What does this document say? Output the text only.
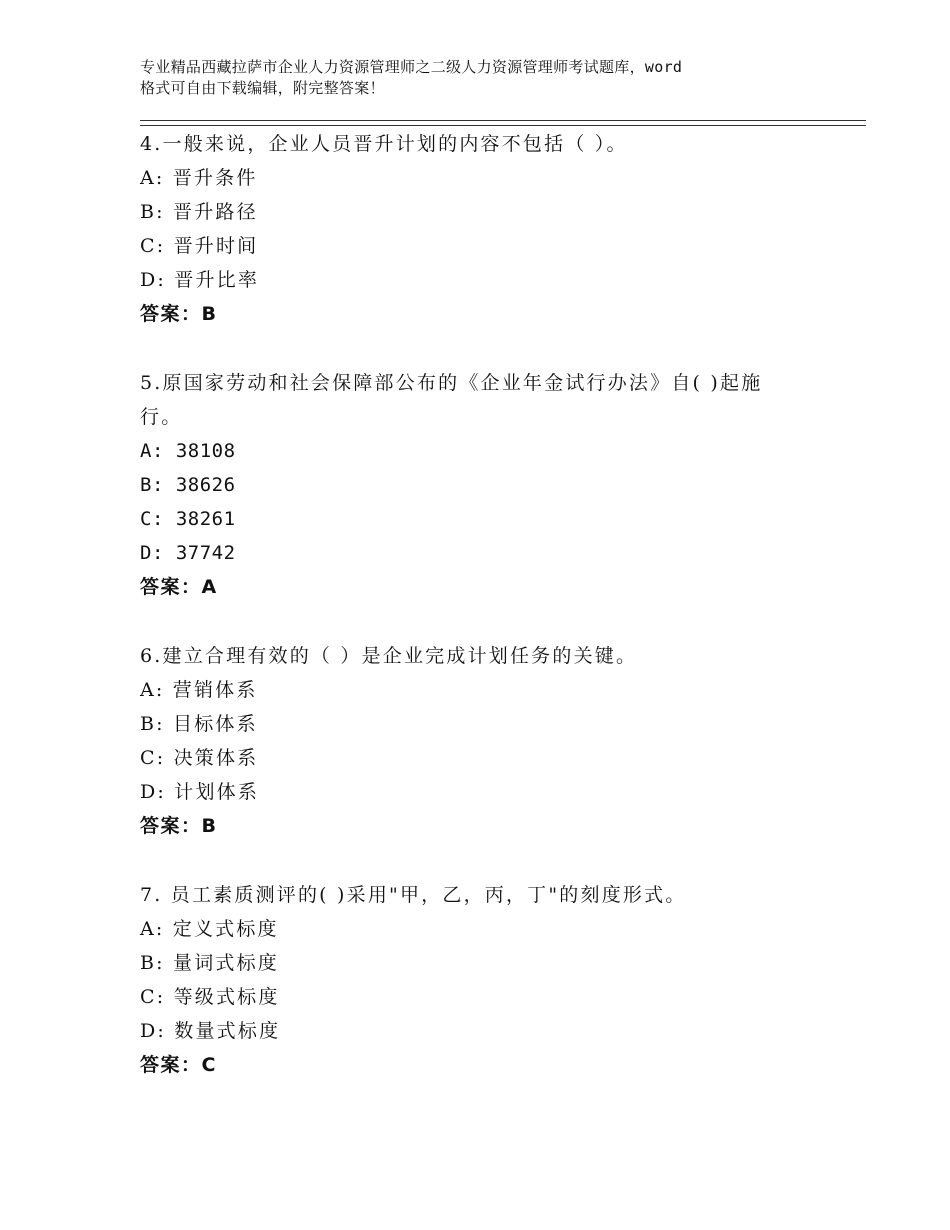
专业精品西藏拉萨市企业人力资源管理师之二级人力资源管理师考试题库，word
格式可自由下载编辑，附完整答案！
4.一般来说，企业人员晋升计划的内容不包括（ ）。
A: 晋升条件
B: 晋升路径
C: 晋升时间
D: 晋升比率
答案：B
5.原国家劳动和社会保障部公布的《企业年金试行办法》自( )起施
行。
A: 38108
B: 38626
C: 38261
D: 37742
答案：A
6.建立合理有效的（ ）是企业完成计划任务的关键。
A: 营销体系
B: 目标体系
C: 决策体系
D: 计划体系
答案：B
7. 员工素质测评的( )采用"甲，乙，丙，丁"的刻度形式。
A: 定义式标度
B: 量词式标度
C: 等级式标度
D: 数量式标度
答案：C
